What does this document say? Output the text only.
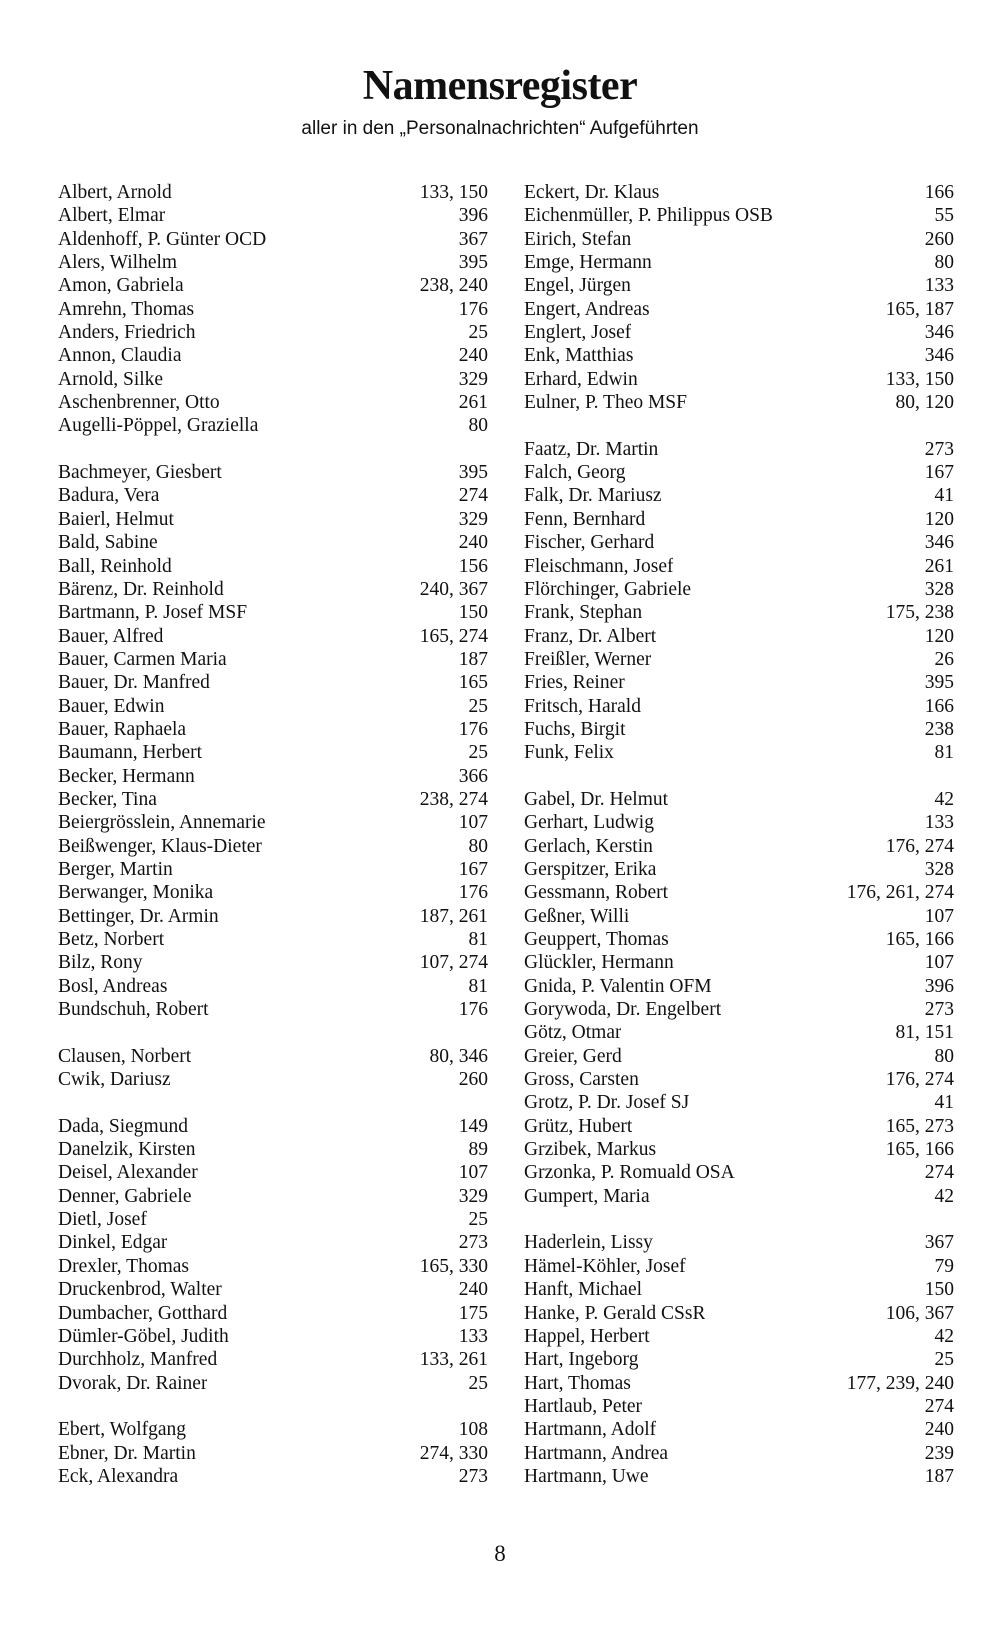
Namensregister
aller in den „Personalnachrichten“ Aufgeführten
Albert, Arnold	133, 150
Albert, Elmar	396
Aldenhoff, P. Günter OCD	367
Alers, Wilhelm	395
Amon, Gabriela	238, 240
Amrehn, Thomas	176
Anders, Friedrich	25
Annon, Claudia	240
Arnold, Silke	329
Aschenbrenner, Otto	261
Augelli-Pöppel, Graziella	80
Bachmeyer, Giesbert	395
Badura, Vera	274
Baierl, Helmut	329
Bald, Sabine	240
Ball, Reinhold	156
Bärenz, Dr. Reinhold	240, 367
Bartmann, P. Josef MSF	150
Bauer, Alfred	165, 274
Bauer, Carmen Maria	187
Bauer, Dr. Manfred	165
Bauer, Edwin	25
Bauer, Raphaela	176
Baumann, Herbert	25
Becker, Hermann	366
Becker, Tina	238, 274
Beiergrösslein, Annemarie	107
Beißwenger, Klaus-Dieter	80
Berger, Martin	167
Berwanger, Monika	176
Bettinger, Dr. Armin	187, 261
Betz, Norbert	81
Bilz, Rony	107, 274
Bosl, Andreas	81
Bundschuh, Robert	176
Clausen, Norbert	80, 346
Cwik, Dariusz	260
Dada, Siegmund	149
Danelzik, Kirsten	89
Deisel, Alexander	107
Denner, Gabriele	329
Dietl, Josef	25
Dinkel, Edgar	273
Drexler, Thomas	165, 330
Druckenbrod, Walter	240
Dumbacher, Gotthard	175
Dümler-Göbel, Judith	133
Durchholz, Manfred	133, 261
Dvorak, Dr. Rainer	25
Ebert, Wolfgang	108
Ebner, Dr. Martin	274, 330
Eck, Alexandra	273
Eckert, Dr. Klaus	166
Eichenmüller, P. Philippus OSB	55
Eirich, Stefan	260
Emge, Hermann	80
Engel, Jürgen	133
Engert, Andreas	165, 187
Englert, Josef	346
Enk, Matthias	346
Erhard, Edwin	133, 150
Eulner, P. Theo MSF	80, 120
Faatz, Dr. Martin	273
Falch, Georg	167
Falk, Dr. Mariusz	41
Fenn, Bernhard	120
Fischer, Gerhard	346
Fleischmann, Josef	261
Flörchinger, Gabriele	328
Frank, Stephan	175, 238
Franz, Dr. Albert	120
Freißler, Werner	26
Fries, Reiner	395
Fritsch, Harald	166
Fuchs, Birgit	238
Funk, Felix	81
Gabel, Dr. Helmut	42
Gerhart, Ludwig	133
Gerlach, Kerstin	176, 274
Gerspitzer, Erika	328
Gessmann, Robert	176, 261, 274
Geßner, Willi	107
Geuppert, Thomas	165, 166
Glückler, Hermann	107
Gnida, P. Valentin OFM	396
Gorywoda, Dr. Engelbert	273
Götz, Otmar	81, 151
Greier, Gerd	80
Gross, Carsten	176, 274
Grotz, P. Dr. Josef SJ	41
Grütz, Hubert	165, 273
Grzibek, Markus	165, 166
Grzonka, P. Romuald OSA	274
Gumpert, Maria	42
Haderlein, Lissy	367
Hämel-Köhler, Josef	79
Hanft, Michael	150
Hanke, P. Gerald CSsR	106, 367
Happel, Herbert	42
Hart, Ingeborg	25
Hart, Thomas	177, 239, 240
Hartlaub, Peter	274
Hartmann, Adolf	240
Hartmann, Andrea	239
Hartmann, Uwe	187
8
